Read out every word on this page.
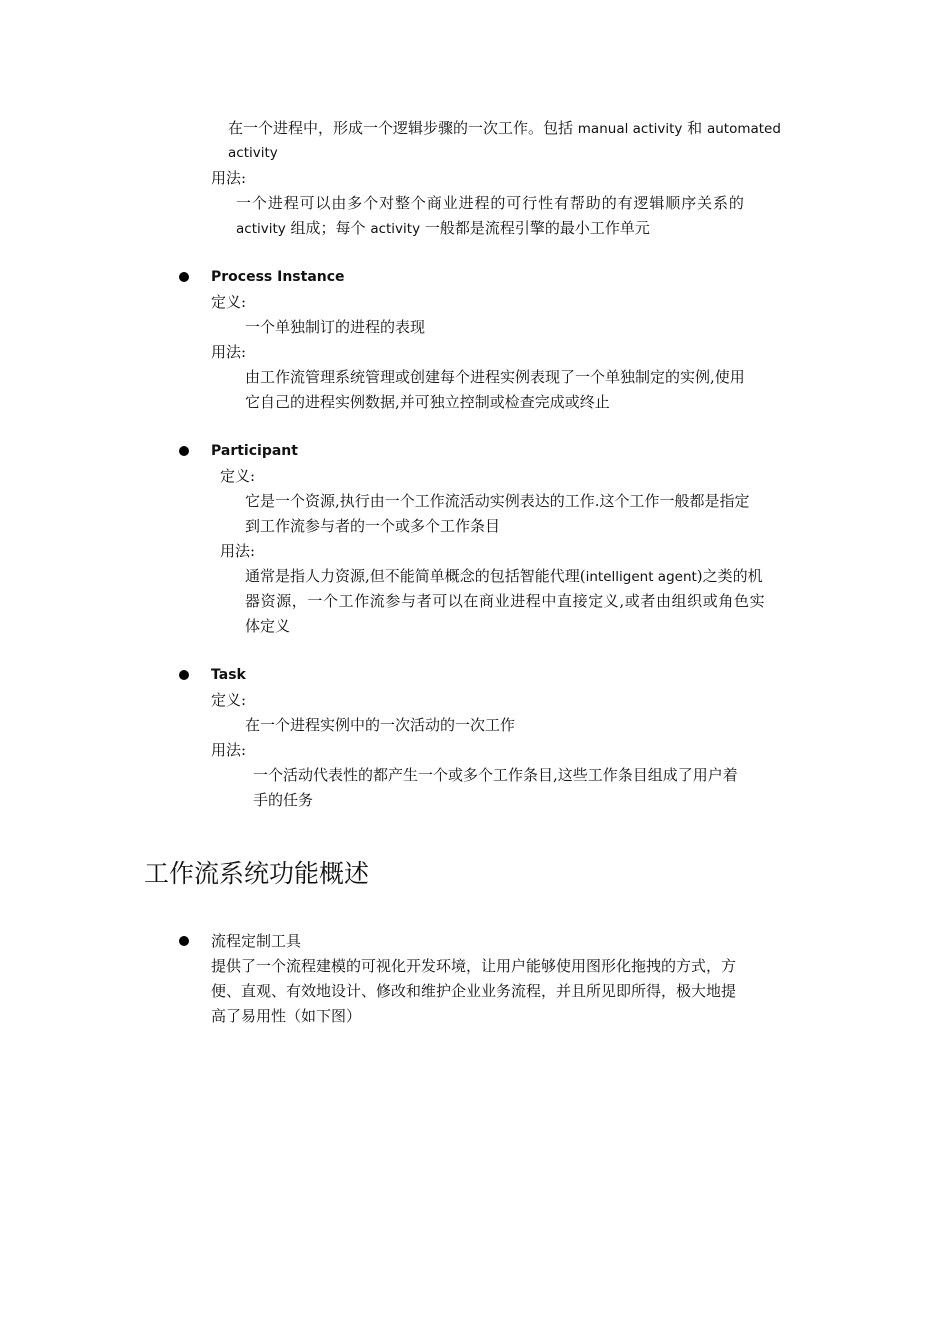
在一个进程中，形成一个逻辑步骤的一次工作。包括 manual activity 和 automated
activity
用法:
一个进程可以由多个对整个商业进程的可行性有帮助的有逻辑顺序关系的
activity 组成；每个 activity 一般都是流程引擎的最小工作单元
Process Instance
定义:
一个单独制订的进程的表现
用法:
由工作流管理系统管理或创建每个进程实例表现了一个单独制定的实例,使用
它自己的进程实例数据,并可独立控制或检查完成或终止
Participant
定义:
它是一个资源,执行由一个工作流活动实例表达的工作.这个工作一般都是指定
到工作流参与者的一个或多个工作条目
用法:
通常是指人力资源,但不能简单概念的包括智能代理(intelligent agent)之类的机
器资源，一个工作流参与者可以在商业进程中直接定义,或者由组织或角色实
体定义
Task
定义:
在一个进程实例中的一次活动的一次工作
用法:
一个活动代表性的都产生一个或多个工作条目,这些工作条目组成了用户着
手的任务
工作流系统功能概述
流程定制工具
提供了一个流程建模的可视化开发环境，让用户能够使用图形化拖拽的方式，方
便、直观、有效地设计、修改和维护企业业务流程，并且所见即所得，极大地提
高了易用性（如下图）
